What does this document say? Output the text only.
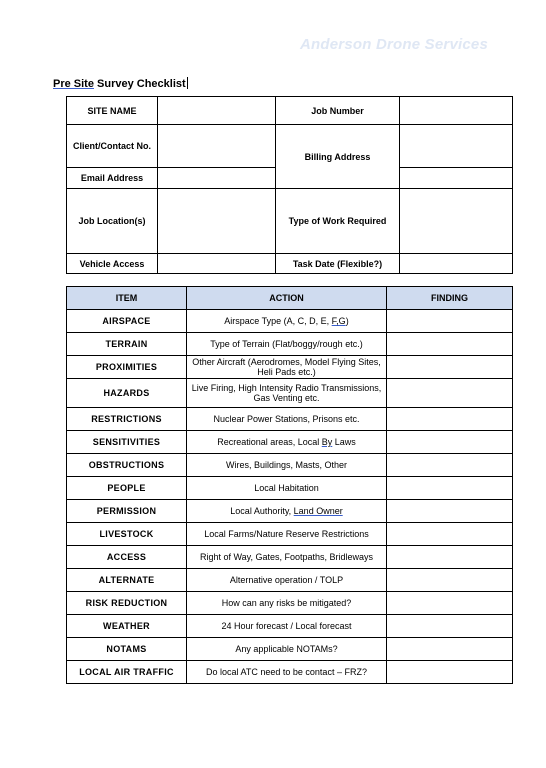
Anderson Drone Services
Pre Site Survey Checklist
SITE NAME		Job Number	
Client/Contact No.		Billing Address	
Email Address			
Job Location(s)		Type of Work Required	
Vehicle Access		Task Date (Flexible?)	
ITEM	ACTION	FINDING
AIRSPACE	Airspace Type (A, C, D, E, F,G)	
TERRAIN	Type of Terrain (Flat/boggy/rough etc.)	
PROXIMITIES	Other Aircraft (Aerodromes, Model Flying Sites, Heli Pads etc.)	
HAZARDS	Live Firing, High Intensity Radio Transmissions, Gas Venting etc.	
RESTRICTIONS	Nuclear Power Stations, Prisons etc.	
SENSITIVITIES	Recreational areas, Local By Laws	
OBSTRUCTIONS	Wires, Buildings, Masts, Other	
PEOPLE	Local Habitation	
PERMISSION	Local Authority, Land Owner	
LIVESTOCK	Local Farms/Nature Reserve Restrictions	
ACCESS	Right of Way, Gates, Footpaths, Bridleways	
ALTERNATE	Alternative operation / TOLP	
RISK REDUCTION	How can any risks be mitigated?	
WEATHER	24 Hour forecast / Local forecast	
NOTAMS	Any applicable NOTAMs?	
LOCAL AIR TRAFFIC	Do local ATC need to be contact – FRZ?	
